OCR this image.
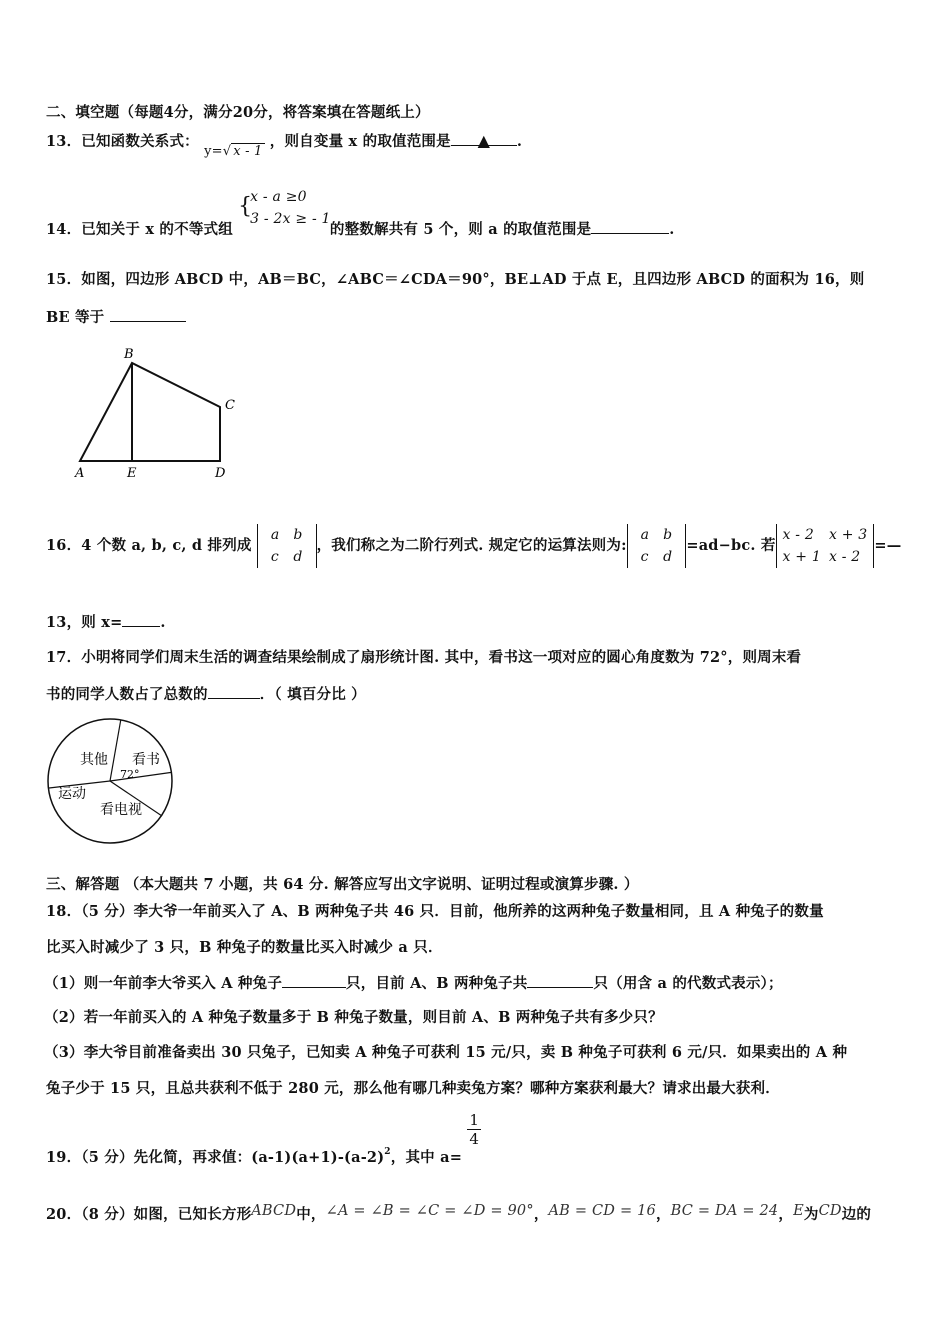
二、填空题（每题4分，满分20分，将答案填在答题纸上）
13．已知函数关系式： y=√ x - 1 ，则自变量 x 的取值范围是 ▲ .
14．已知关于 x 的不等式组
{
x - a ≥0
3 - 2x ≥ - 1
的整数解共有 5 个，则 a 的取值范围是	.
15．如图，四边形 ABCD 中，AB＝BC，∠ABC＝∠CDA＝90°，BE⊥AD 于点 E，且四边形 ABCD 的面积为 16，则
BE 等于
B
C
A	E	D
16．4 个数 a, b, c, d 排列成
a	b
c	d
，我们称之为二阶行列式. 规定它的运算法则为:
a	b
c	d
=ad−bc. 若
x - 2	x + 3
x + 1	x - 2
=—
13，则 x=	.
17．小明将同学们周末生活的调查结果绘制成了扇形统计图. 其中，看书这一项对应的圆心角度数为 72°，则周末看
书的同学人数占了总数的	．（ 填百分比 ）
其他 看书
72°
运动
看电视
三、解答题 （本大题共 7 小题，共 64 分. 解答应写出文字说明、证明过程或演算步骤. ）
18．（5 分）李大爷一年前买入了 A、B 两种兔子共 46 只．目前，他所养的这两种兔子数量相同，且 A 种兔子的数量
比买入时减少了 3 只，B 种兔子的数量比买入时减少 a 只．
（1）则一年前李大爷买入 A 种兔子	只，目前 A、B 两种兔子共	只（用含 a 的代数式表示）；
（2）若一年前买入的 A 种兔子数量多于 B 种兔子数量，则目前 A、B 两种兔子共有多少只？
（3）李大爷目前准备卖出 30 只兔子，已知卖 A 种兔子可获利 15 元/只，卖 B 种兔子可获利 6 元/只．如果卖出的 A 种
兔子少于 15 只，且总共获利不低于 280 元，那么他有哪几种卖兔方案？哪种方案获利最大？请求出最大获利．
19．（5 分）先化简，再求值：$(a-1)(a+1)-(a-2)^2$，其中 a=
$\frac{1}{4}$
20．（8 分）如图，已知长方形ABCD中，∠A = ∠B = ∠C = ∠D = 90°，AB = CD = 16，BC = DA = 24，E为CD边的
